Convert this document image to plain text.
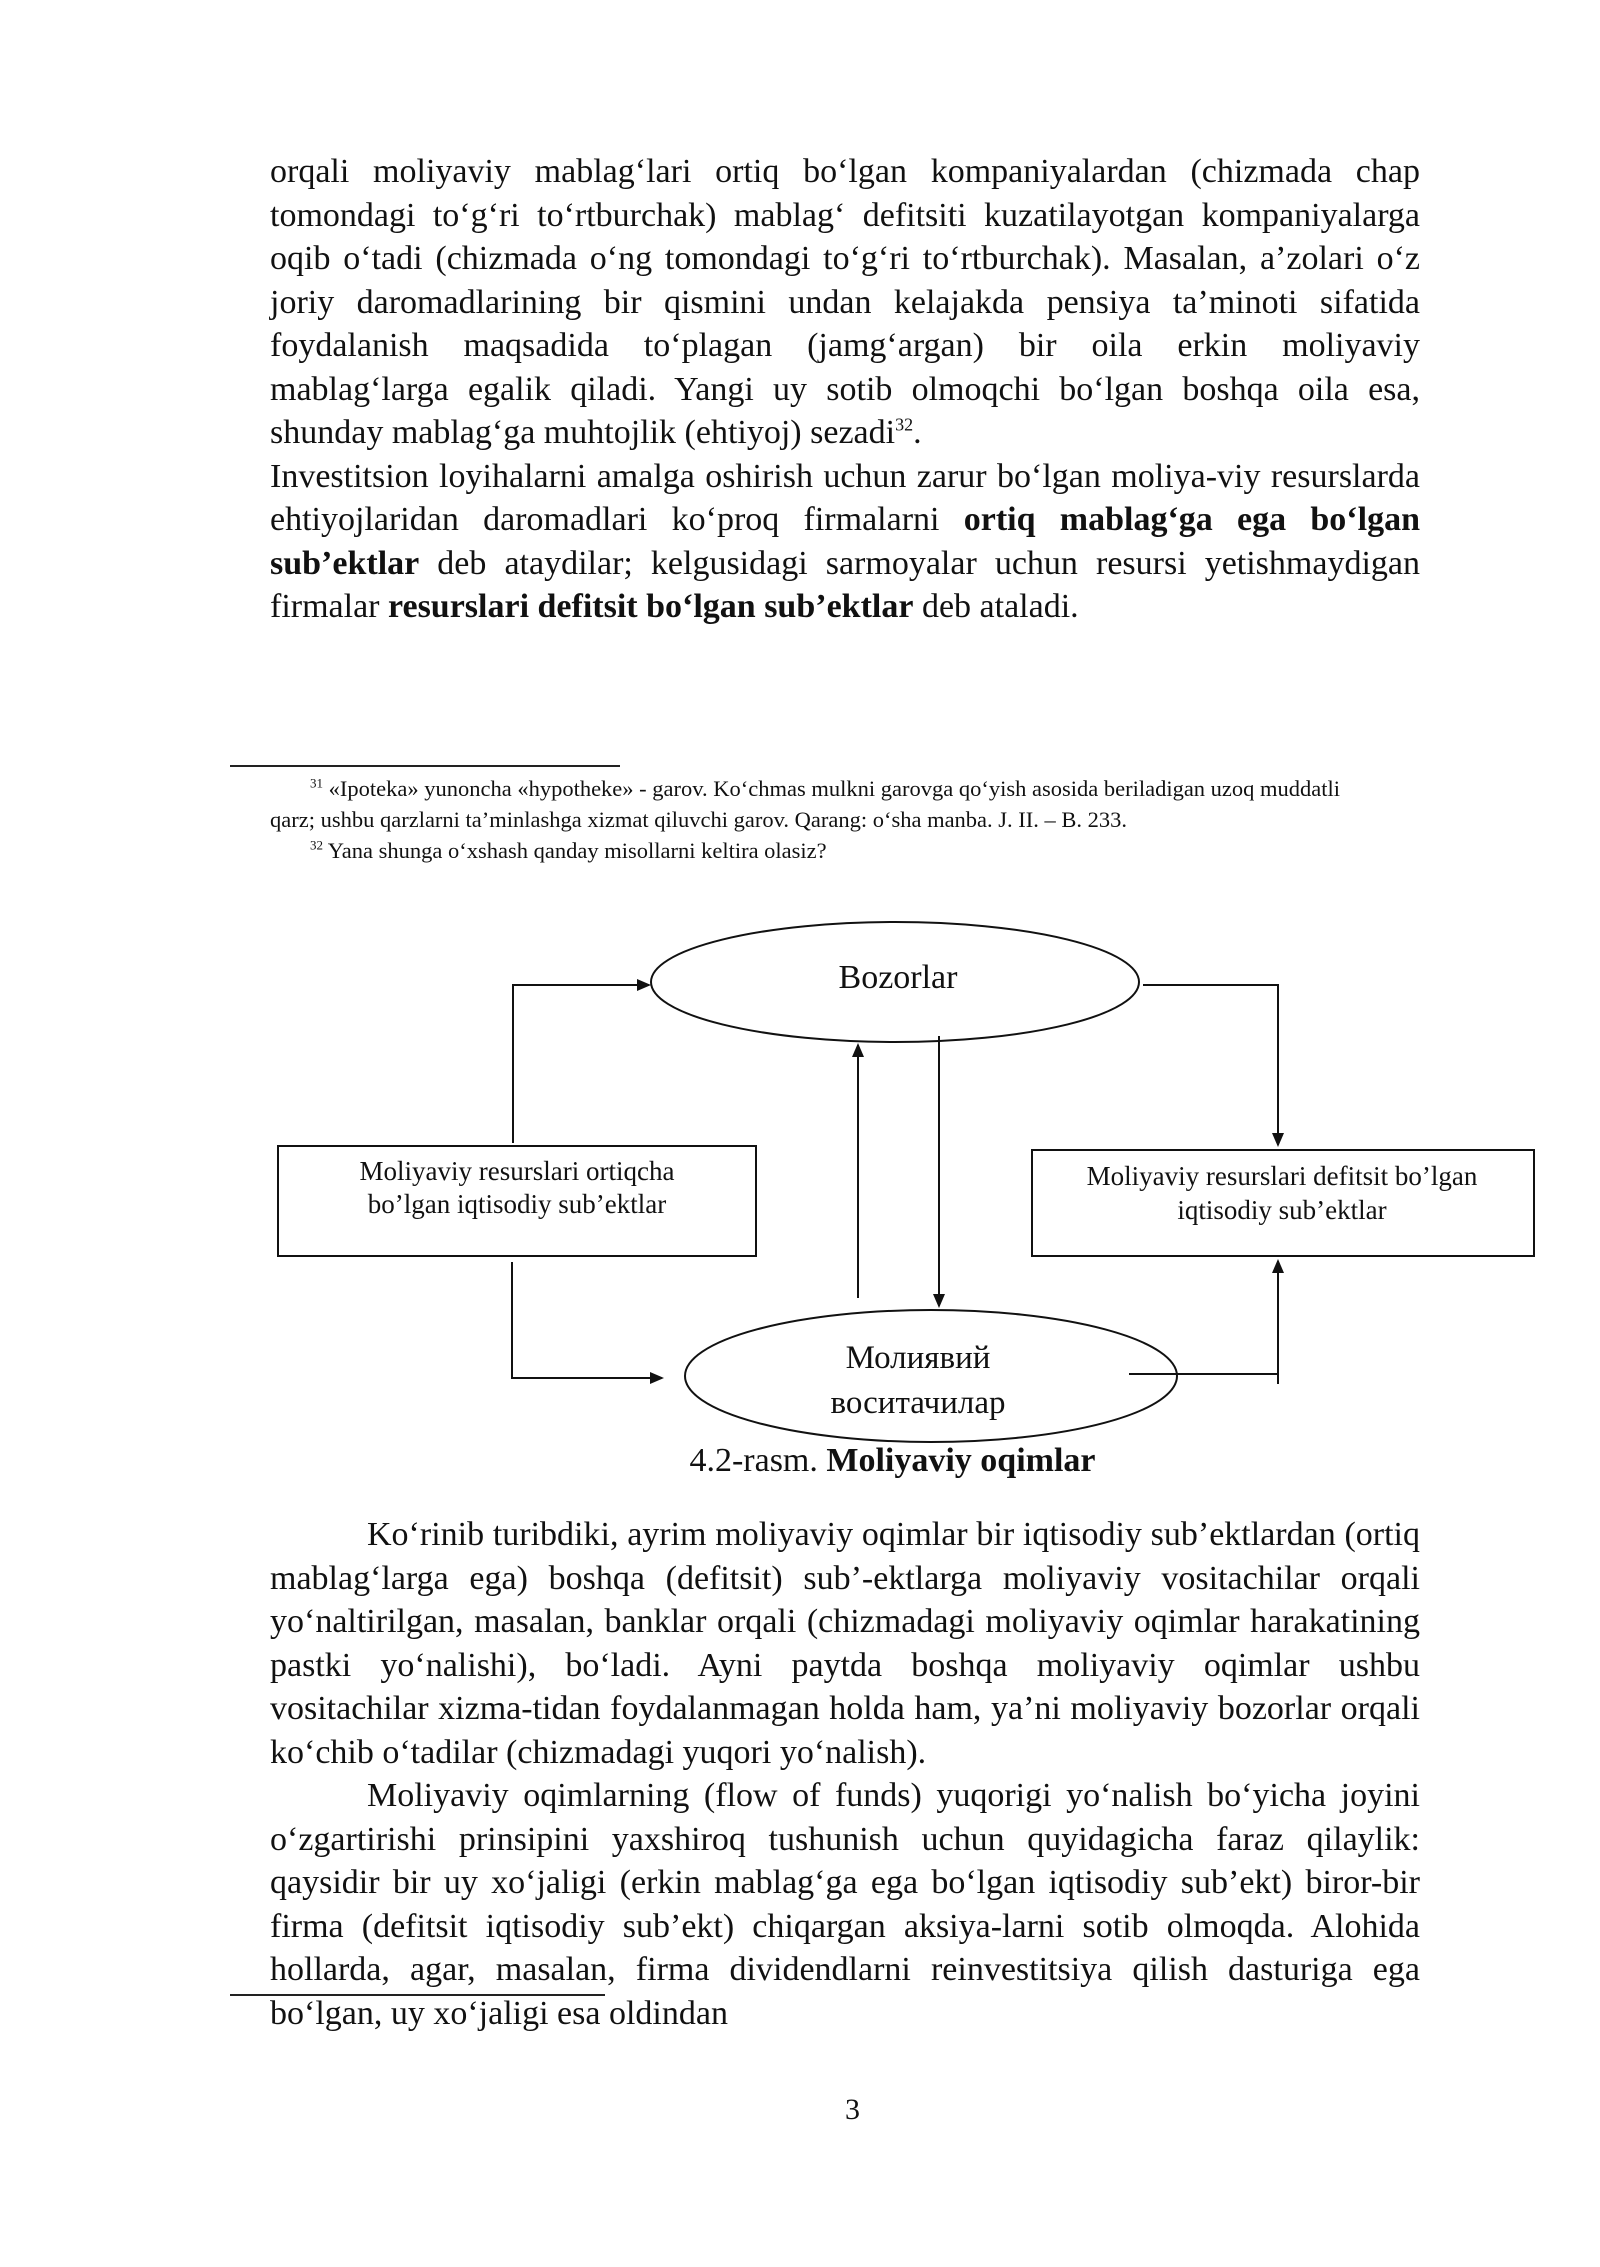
orqali moliyaviy mablag‘lari ortiq bo‘lgan kompaniyalardan (chizmada chap tomondagi to‘g‘ri to‘rtburchak) mablag‘ defitsiti kuzatilayotgan kompaniyalarga oqib o‘tadi (chizmada o‘ng tomondagi to‘g‘ri to‘rtburchak). Masalan, a’zolari o‘z joriy daromadlarining bir qismini undan kelajakda pensiya ta’minoti sifatida foydalanish maqsadida to‘plagan (jamg‘argan) bir oila erkin moliyaviy mablag‘larga egalik qiladi. Yangi uy sotib olmoqchi bo‘lgan boshqa oila esa, shunday mablag‘ga muhtojlik (ehtiyoj) sezadi$^{32}$.

Investitsion loyihalarni amalga oshirish uchun zarur bo‘lgan moliya-viy resurslarda ehtiyojlaridan daromadlari ko‘proq firmalarni ortiq mablag‘ga ega bo‘lgan sub’ektlar deb ataydilar; kelgusidagi sarmoyalar uchun resursi yetishmaydigan firmalar resurslari defitsit bo‘lgan sub’ektlar deb ataladi.

$^{31}$ «Ipoteka» yunoncha «hypotheke» - garov. Ko‘chmas mulkni garovga qo‘yish asosida beriladigan uzoq muddatli qarz; ushbu qarzlarni ta’minlashga xizmat qiluvchi garov. Qarang: o‘sha manba. J. II. – B. 233.

$^{32}$ Yana shunga o‘xshash qanday misollarni keltira olasiz?

Bozorlar
Moliyaviy resurslari ortiqcha
bo’lgan iqtisodiy sub’ektlar
Moliyaviy resurslari defitsit bo’lgan
iqtisodiy sub’ektlar
Молиявий
воситачилар
4.2-rasm. Moliyaviy oqimlar

Ko‘rinib turibdiki, ayrim moliyaviy oqimlar bir iqtisodiy sub’ektlardan (ortiq mablag‘larga ega) boshqa (defitsit) sub’-ektlarga moliyaviy vositachilar orqali yo‘naltirilgan, masalan, banklar orqali (chizmadagi moliyaviy oqimlar harakatining pastki yo‘nalishi), bo‘ladi. Ayni paytda boshqa moliyaviy oqimlar ushbu vositachilar xizma-tidan foydalanmagan holda ham, ya’ni moliyaviy bozorlar orqali ko‘chib o‘tadilar (chizmadagi yuqori yo‘nalish).

Moliyaviy oqimlarning (flow of funds) yuqorigi yo‘nalish bo‘yicha joyini o‘zgartirishi prinsipini yaxshiroq tushunish uchun quyidagicha faraz qilaylik: qaysidir bir uy xo‘jaligi (erkin mablag‘ga ega bo‘lgan iqtisodiy sub’ekt) biror-bir firma (defitsit iqtisodiy sub’ekt) chiqargan aksiya-larni sotib olmoqda. Alohida hollarda, agar, masalan, firma dividendlarni reinvestitsiya qilish dasturiga ega bo‘lgan, uy xo‘jaligi esa oldindan

3
